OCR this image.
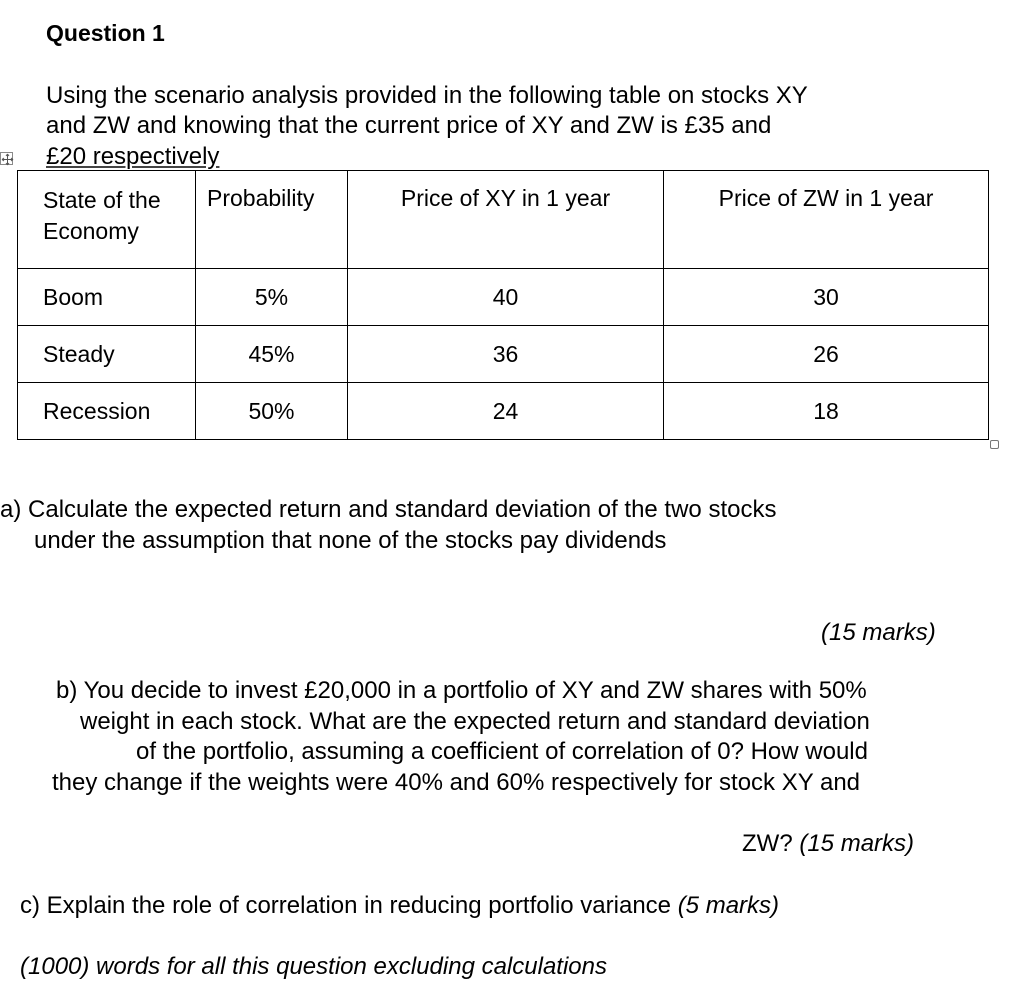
Question 1
Using the scenario analysis provided in the following table on stocks XY
and ZW and knowing that the current price of XY and ZW is £35 and
£20 respectively
State of the Economy	Probability	Price of XY in 1 year	Price of ZW in 1 year
Boom	5%	40	30
Steady	45%	36	26
Recession	50%	24	18
a) Calculate the expected return and standard deviation of the two stocks
under the assumption that none of the stocks pay dividends
(15 marks)
b) You decide to invest £20,000 in a portfolio of XY and ZW shares with 50%
weight in each stock. What are the expected return and standard deviation
of the portfolio, assuming a coefficient of correlation of 0? How would
they change if the weights were 40% and 60% respectively for stock XY and
ZW? (15 marks)
c) Explain the role of correlation in reducing portfolio variance (5 marks)
(1000) words for all this question excluding calculations
